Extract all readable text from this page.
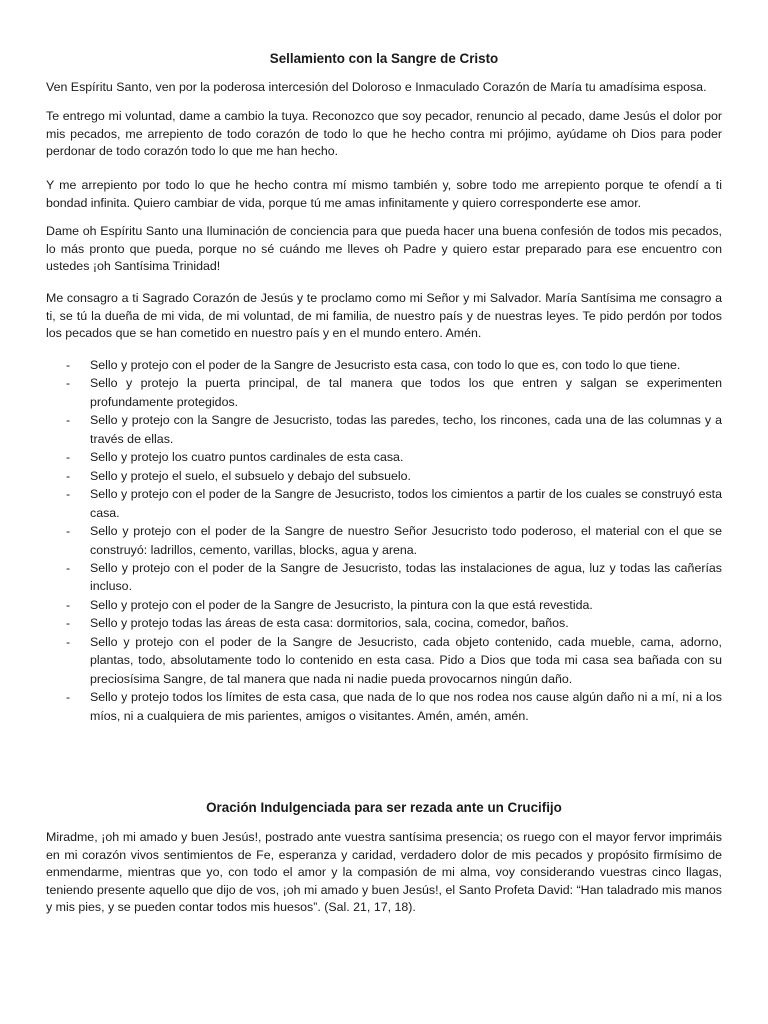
Sellamiento con la Sangre de Cristo

Ven Espíritu Santo, ven por la poderosa intercesión del Doloroso e Inmaculado Corazón de María tu amadísima esposa.

Te entrego mi voluntad, dame a cambio la tuya. Reconozco que soy pecador, renuncio al pecado, dame Jesús el dolor por mis pecados, me arrepiento de todo corazón de todo lo que he hecho contra mi prójimo, ayúdame oh Dios para poder perdonar de todo corazón todo lo que me han hecho.

Y me arrepiento por todo lo que he hecho contra mí mismo también y, sobre todo me arrepiento porque te ofendí a ti bondad infinita. Quiero cambiar de vida, porque tú me amas infinitamente y quiero corresponderte ese amor.

Dame oh Espíritu Santo una Iluminación de conciencia para que pueda hacer una buena confesión de todos mis pecados, lo más pronto que pueda, porque no sé cuándo me lleves oh Padre y quiero estar preparado para ese encuentro con ustedes ¡oh Santísima Trinidad!

Me consagro a ti Sagrado Corazón de Jesús y te proclamo como mi Señor y mi Salvador. María Santísima me consagro a ti, se tú la dueña de mi vida, de mi voluntad, de mi familia, de nuestro país y de nuestras leyes. Te pido perdón por todos los pecados que se han cometido en nuestro país y en el mundo entero. Amén.

- Sello y protejo con el poder de la Sangre de Jesucristo esta casa, con todo lo que es, con todo lo que tiene.
- Sello y protejo la puerta principal, de tal manera que todos los que entren y salgan se experimenten profundamente protegidos.
- Sello y protejo con la Sangre de Jesucristo, todas las paredes, techo, los rincones, cada una de las columnas y a través de ellas.
- Sello y protejo los cuatro puntos cardinales de esta casa.
- Sello y protejo el suelo, el subsuelo y debajo del subsuelo.
- Sello y protejo con el poder de la Sangre de Jesucristo, todos los cimientos a partir de los cuales se construyó esta casa.
- Sello y protejo con el poder de la Sangre de nuestro Señor Jesucristo todo poderoso, el material con el que se construyó: ladrillos, cemento, varillas, blocks, agua y arena.
- Sello y protejo con el poder de la Sangre de Jesucristo, todas las instalaciones de agua, luz y todas las cañerías incluso.
- Sello y protejo con el poder de la Sangre de Jesucristo, la pintura con la que está revestida.
- Sello y protejo todas las áreas de esta casa: dormitorios, sala, cocina, comedor, baños.
- Sello y protejo con el poder de la Sangre de Jesucristo, cada objeto contenido, cada mueble, cama, adorno, plantas, todo, absolutamente todo lo contenido en esta casa. Pido a Dios que toda mi casa sea bañada con su preciosísima Sangre, de tal manera que nada ni nadie pueda provocarnos ningún daño.
- Sello y protejo todos los límites de esta casa, que nada de lo que nos rodea nos cause algún daño ni a mí, ni a los míos, ni a cualquiera de mis parientes, amigos o visitantes. Amén, amén, amén.
Oración Indulgenciada para ser rezada ante un Crucifijo

Miradme, ¡oh mi amado y buen Jesús!, postrado ante vuestra santísima presencia; os ruego con el mayor fervor imprimáis en mi corazón vivos sentimientos de Fe, esperanza y caridad, verdadero dolor de mis pecados y propósito firmísimo de enmendarme, mientras que yo, con todo el amor y la compasión de mi alma, voy considerando vuestras cinco llagas, teniendo presente aquello que dijo de vos, ¡oh mi amado y buen Jesús!, el Santo Profeta David: “Han taladrado mis manos y mis pies, y se pueden contar todos mis huesos”. (Sal. 21, 17, 18).
